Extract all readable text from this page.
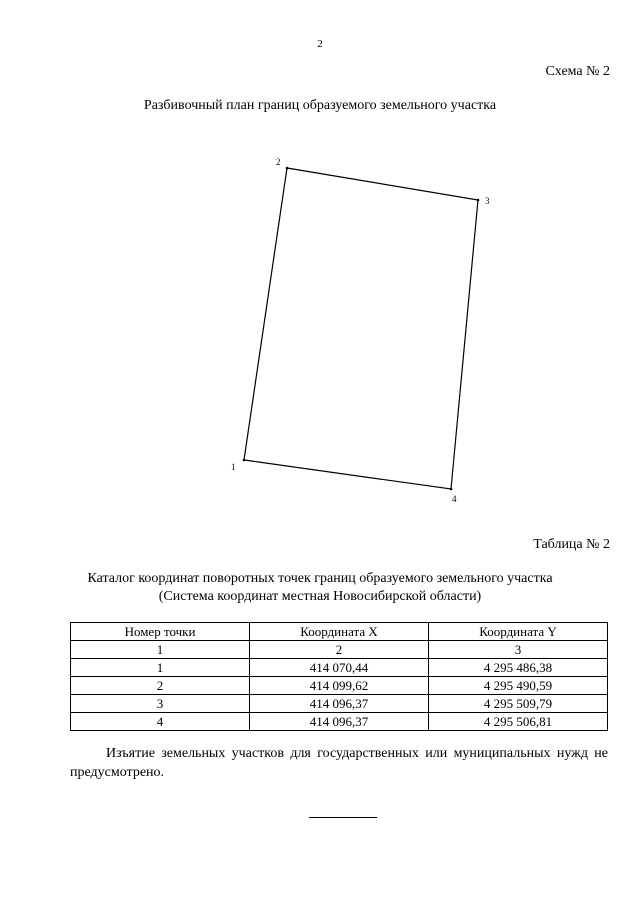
2
Схема № 2
Разбивочный план границ образуемого земельного участка
1
2
3
4
Таблица № 2
Каталог координат поворотных точек границ образуемого земельного участка
(Система координат местная Новосибирской области)
Номер точки	Координата X	Координата Y
1	2	3
1	414 070,44	4 295 486,38
2	414 099,62	4 295 490,59
3	414 096,37	4 295 509,79
4	414 096,37	4 295 506,81
Изъятие земельных участков для государственных или муниципальных нужд не предусмотрено.
